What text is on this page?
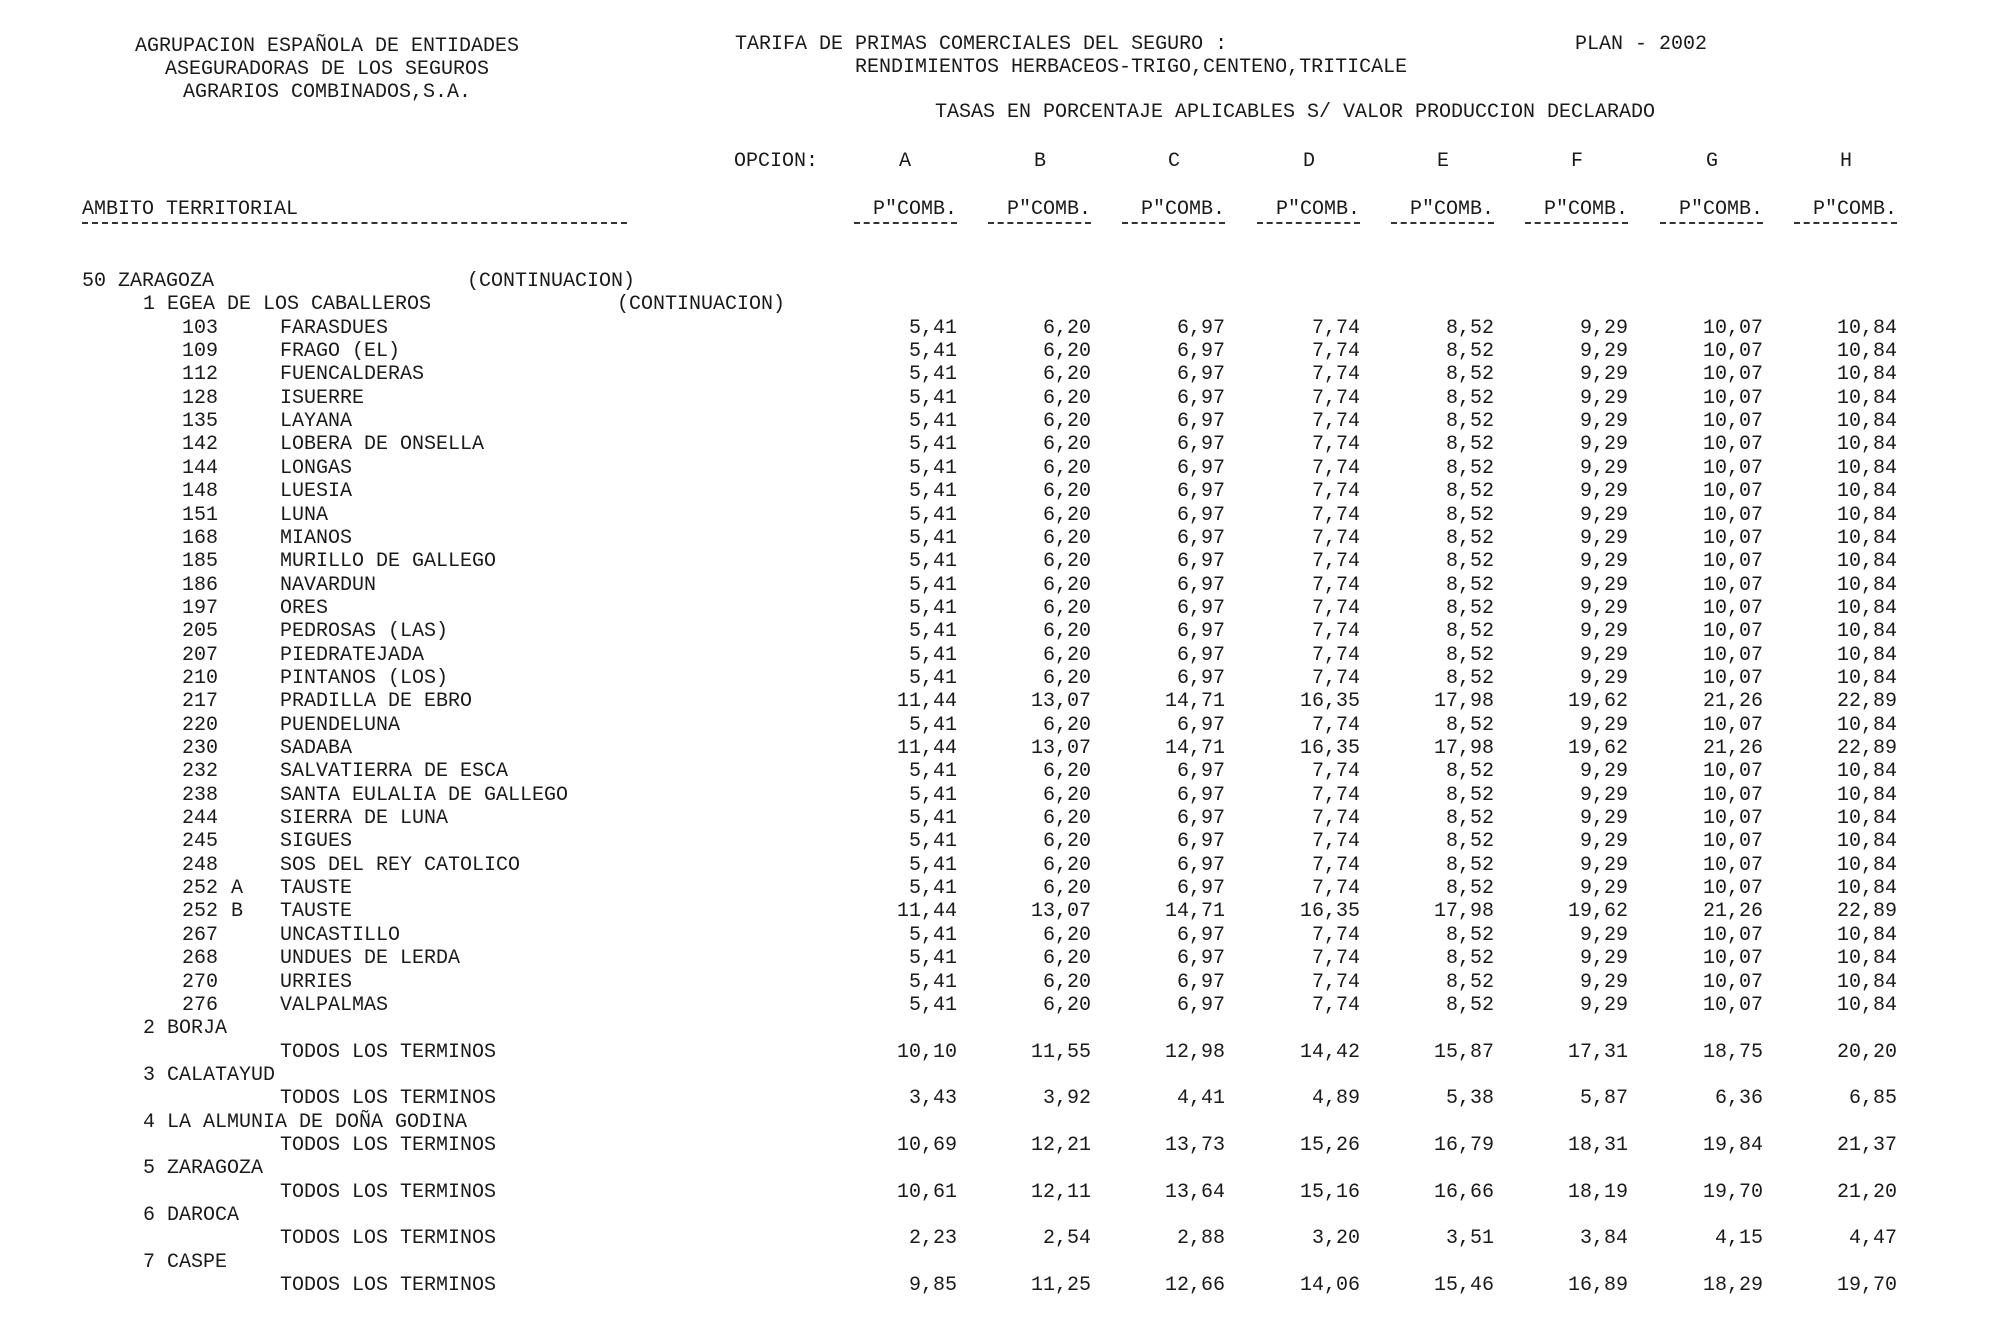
AGRUPACION ESPAÑOLA DE ENTIDADES
ASEGURADORAS DE LOS SEGUROS
AGRARIOS COMBINADOS,S.A.
TARIFA DE PRIMAS COMERCIALES DEL SEGURO :
RENDIMIENTOS HERBACEOS-TRIGO,CENTENO,TRITICALE
PLAN - 2002
TASAS EN PORCENTAJE APLICABLES S/ VALOR PRODUCCION DECLARADO
OPCION:	A	B	C	D	E	F	G	H
AMBITO TERRITORIAL	P"COMB.	P"COMB.	P"COMB.	P"COMB.	P"COMB.	P"COMB.	P"COMB.	P"COMB.
50 ZARAGOZA	(CONTINUACION)
1 EGEA DE LOS CABALLEROS	(CONTINUACION)
103	FARASDUES	5,41	6,20	6,97	7,74	8,52	9,29	10,07	10,84
109	FRAGO (EL)	5,41	6,20	6,97	7,74	8,52	9,29	10,07	10,84
112	FUENCALDERAS	5,41	6,20	6,97	7,74	8,52	9,29	10,07	10,84
128	ISUERRE	5,41	6,20	6,97	7,74	8,52	9,29	10,07	10,84
135	LAYANA	5,41	6,20	6,97	7,74	8,52	9,29	10,07	10,84
142	LOBERA DE ONSELLA	5,41	6,20	6,97	7,74	8,52	9,29	10,07	10,84
144	LONGAS	5,41	6,20	6,97	7,74	8,52	9,29	10,07	10,84
148	LUESIA	5,41	6,20	6,97	7,74	8,52	9,29	10,07	10,84
151	LUNA	5,41	6,20	6,97	7,74	8,52	9,29	10,07	10,84
168	MIANOS	5,41	6,20	6,97	7,74	8,52	9,29	10,07	10,84
185	MURILLO DE GALLEGO	5,41	6,20	6,97	7,74	8,52	9,29	10,07	10,84
186	NAVARDUN	5,41	6,20	6,97	7,74	8,52	9,29	10,07	10,84
197	ORES	5,41	6,20	6,97	7,74	8,52	9,29	10,07	10,84
205	PEDROSAS (LAS)	5,41	6,20	6,97	7,74	8,52	9,29	10,07	10,84
207	PIEDRATEJADA	5,41	6,20	6,97	7,74	8,52	9,29	10,07	10,84
210	PINTANOS (LOS)	5,41	6,20	6,97	7,74	8,52	9,29	10,07	10,84
217	PRADILLA DE EBRO	11,44	13,07	14,71	16,35	17,98	19,62	21,26	22,89
220	PUENDELUNA	5,41	6,20	6,97	7,74	8,52	9,29	10,07	10,84
230	SADABA	11,44	13,07	14,71	16,35	17,98	19,62	21,26	22,89
232	SALVATIERRA DE ESCA	5,41	6,20	6,97	7,74	8,52	9,29	10,07	10,84
238	SANTA EULALIA DE GALLEGO	5,41	6,20	6,97	7,74	8,52	9,29	10,07	10,84
244	SIERRA DE LUNA	5,41	6,20	6,97	7,74	8,52	9,29	10,07	10,84
245	SIGUES	5,41	6,20	6,97	7,74	8,52	9,29	10,07	10,84
248	SOS DEL REY CATOLICO	5,41	6,20	6,97	7,74	8,52	9,29	10,07	10,84
252 A TAUSTE	5,41	6,20	6,97	7,74	8,52	9,29	10,07	10,84
252 B TAUSTE	11,44	13,07	14,71	16,35	17,98	19,62	21,26	22,89
267	UNCASTILLO	5,41	6,20	6,97	7,74	8,52	9,29	10,07	10,84
268	UNDUES DE LERDA	5,41	6,20	6,97	7,74	8,52	9,29	10,07	10,84
270	URRIES	5,41	6,20	6,97	7,74	8,52	9,29	10,07	10,84
276	VALPALMAS	5,41	6,20	6,97	7,74	8,52	9,29	10,07	10,84
2 BORJA
TODOS LOS TERMINOS	10,10	11,55	12,98	14,42	15,87	17,31	18,75	20,20
3 CALATAYUD
TODOS LOS TERMINOS	3,43	3,92	4,41	4,89	5,38	5,87	6,36	6,85
4 LA ALMUNIA DE DOÑA GODINA
TODOS LOS TERMINOS	10,69	12,21	13,73	15,26	16,79	18,31	19,84	21,37
5 ZARAGOZA
TODOS LOS TERMINOS	10,61	12,11	13,64	15,16	16,66	18,19	19,70	21,20
6 DAROCA
TODOS LOS TERMINOS	2,23	2,54	2,88	3,20	3,51	3,84	4,15	4,47
7 CASPE
TODOS LOS TERMINOS	9,85	11,25	12,66	14,06	15,46	16,89	18,29	19,70
